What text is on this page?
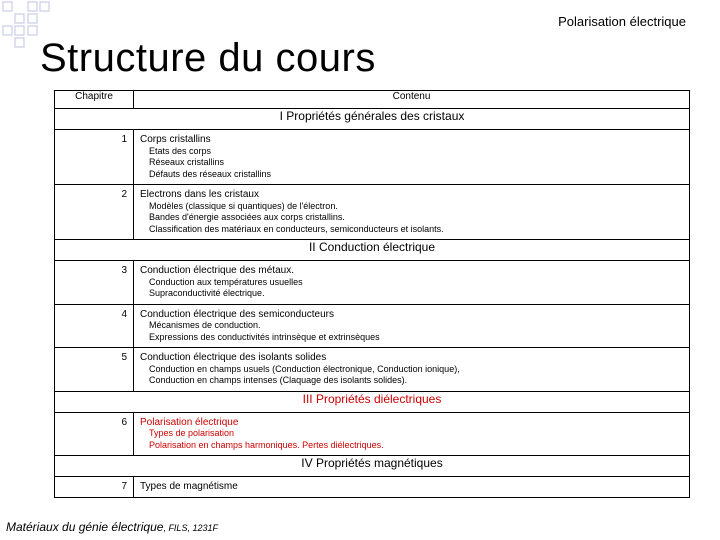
Polarisation électrique
Structure du cours
Chapitre	Contenu
I Propriétés générales des cristaux	
1	Corps cristallins
Etats des corps
Réseaux cristallins
Défauts des réseaux cristallins

2	Electrons dans les cristaux
Modèles (classique si quantiques) de l'électron.
Bandes d'énergie associées aux corps cristallins.
Classification des matériaux en conducteurs, semiconducteurs et isolants.

II Conduction électrique	
3	Conduction électrique des métaux.
Conduction aux températures usuelles
Supraconductivité électrique.

4	Conduction électrique des semiconducteurs
Mécanismes de conduction.
Expressions des conductivités intrinsèque et extrinsèques

5	Conduction électrique des isolants solides
Conduction en champs usuels (Conduction électronique, Conduction ionique),
Conduction en champs intenses (Claquage des isolants solides).

III Propriétés diélectriques	
6	Polarisation électrique
Types de polarisation
Polarisation en champs harmoniques. Pertes diélectriques.

IV Propriétés magnétiques	
7	Types de magnétisme
Matériaux du génie électrique, FILS, 1231F
